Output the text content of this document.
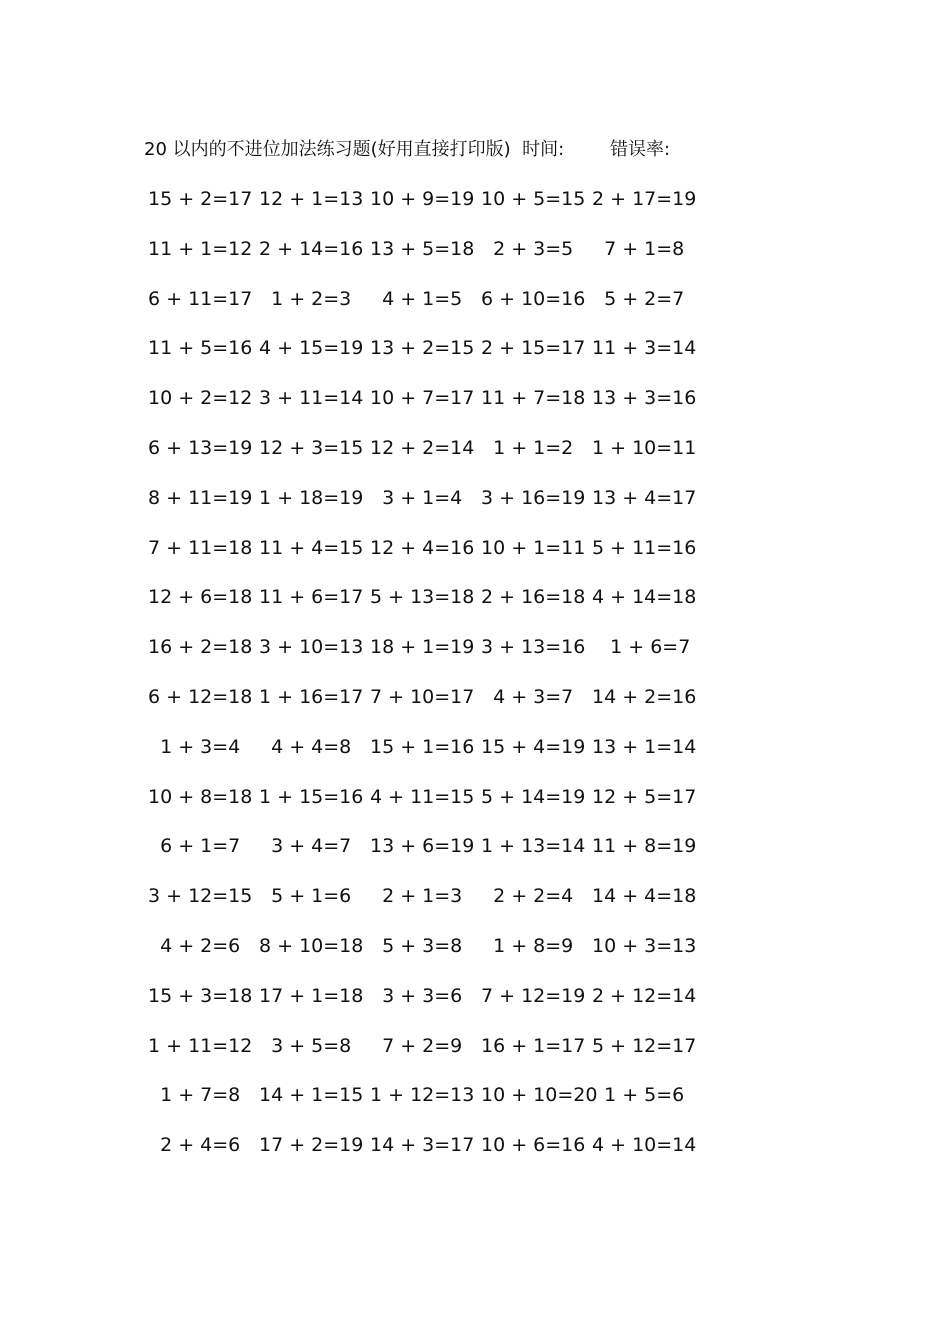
20 以内的不进位加法练习题(好用直接打印版)  时间:        错误率:
15 + 2=17 12 + 1=13 10 + 9=19 10 + 5=15 2 + 17=19
11 + 1=12 2 + 14=16 13 + 5=18 2 + 3=5 7 + 1=8
6 + 11=17 1 + 2=3 4 + 1=5 6 + 10=16 5 + 2=7
11 + 5=16 4 + 15=19 13 + 2=15 2 + 15=17 11 + 3=14
10 + 2=12 3 + 11=14 10 + 7=17 11 + 7=18 13 + 3=16
6 + 13=19 12 + 3=15 12 + 2=14 1 + 1=2 1 + 10=11
8 + 11=19 1 + 18=19 3 + 1=4 3 + 16=19 13 + 4=17
7 + 11=18 11 + 4=15 12 + 4=16 10 + 1=11 5 + 11=16
12 + 6=18 11 + 6=17 5 + 13=18 2 + 16=18 4 + 14=18
16 + 2=18 3 + 10=13 18 + 1=19 3 + 13=16 1 + 6=7
6 + 12=18 1 + 16=17 7 + 10=17 4 + 3=7 14 + 2=16
1 + 3=4 4 + 4=8 15 + 1=16 15 + 4=19 13 + 1=14
10 + 8=18 1 + 15=16 4 + 11=15 5 + 14=19 12 + 5=17
6 + 1=7 3 + 4=7 13 + 6=19 1 + 13=14 11 + 8=19
3 + 12=15 5 + 1=6 2 + 1=3 2 + 2=4 14 + 4=18
4 + 2=6 8 + 10=18 5 + 3=8 1 + 8=9 10 + 3=13
15 + 3=18 17 + 1=18 3 + 3=6 7 + 12=19 2 + 12=14
1 + 11=12 3 + 5=8 7 + 2=9 16 + 1=17 5 + 12=17
1 + 7=8 14 + 1=15 1 + 12=13 10 + 10=20
1 + 5=6
2 + 4=6 17 + 2=19 14 + 3=17 10 + 6=16 4 + 10=14
